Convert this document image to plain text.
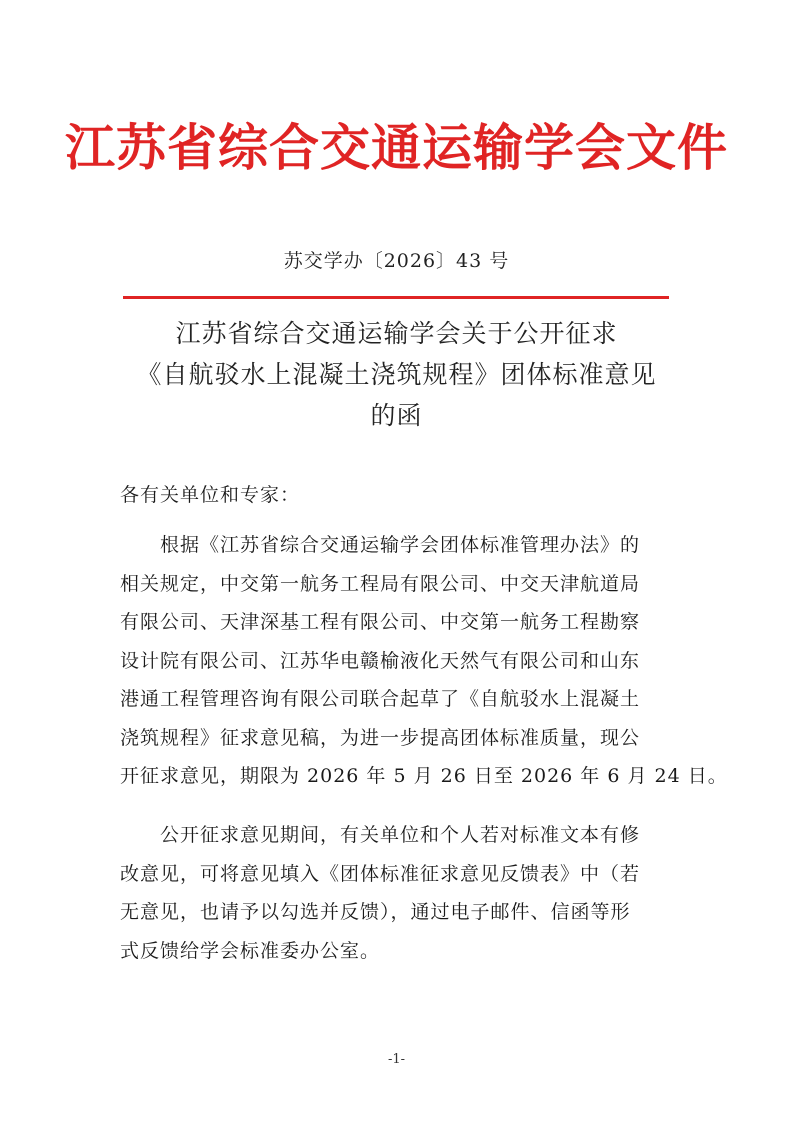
江苏省综合交通运输学会文件
苏交学办〔2026〕43 号
江苏省综合交通运输学会关于公开征求
《自航驳水上混凝土浇筑规程》团体标准意见
的函
各有关单位和专家：
根据《江苏省综合交通运输学会团体标准管理办法》的
相关规定，中交第一航务工程局有限公司、中交天津航道局
有限公司、天津深基工程有限公司、中交第一航务工程勘察
设计院有限公司、江苏华电赣榆液化天然气有限公司和山东
港通工程管理咨询有限公司联合起草了《自航驳水上混凝土
浇筑规程》征求意见稿，为进一步提高团体标准质量，现公
开征求意见，期限为 2026 年 5 月 26 日至 2026 年 6 月 24 日。
公开征求意见期间，有关单位和个人若对标准文本有修
改意见，可将意见填入《团体标准征求意见反馈表》中（若
无意见，也请予以勾选并反馈），通过电子邮件、信函等形
式反馈给学会标准委办公室。
-1-
